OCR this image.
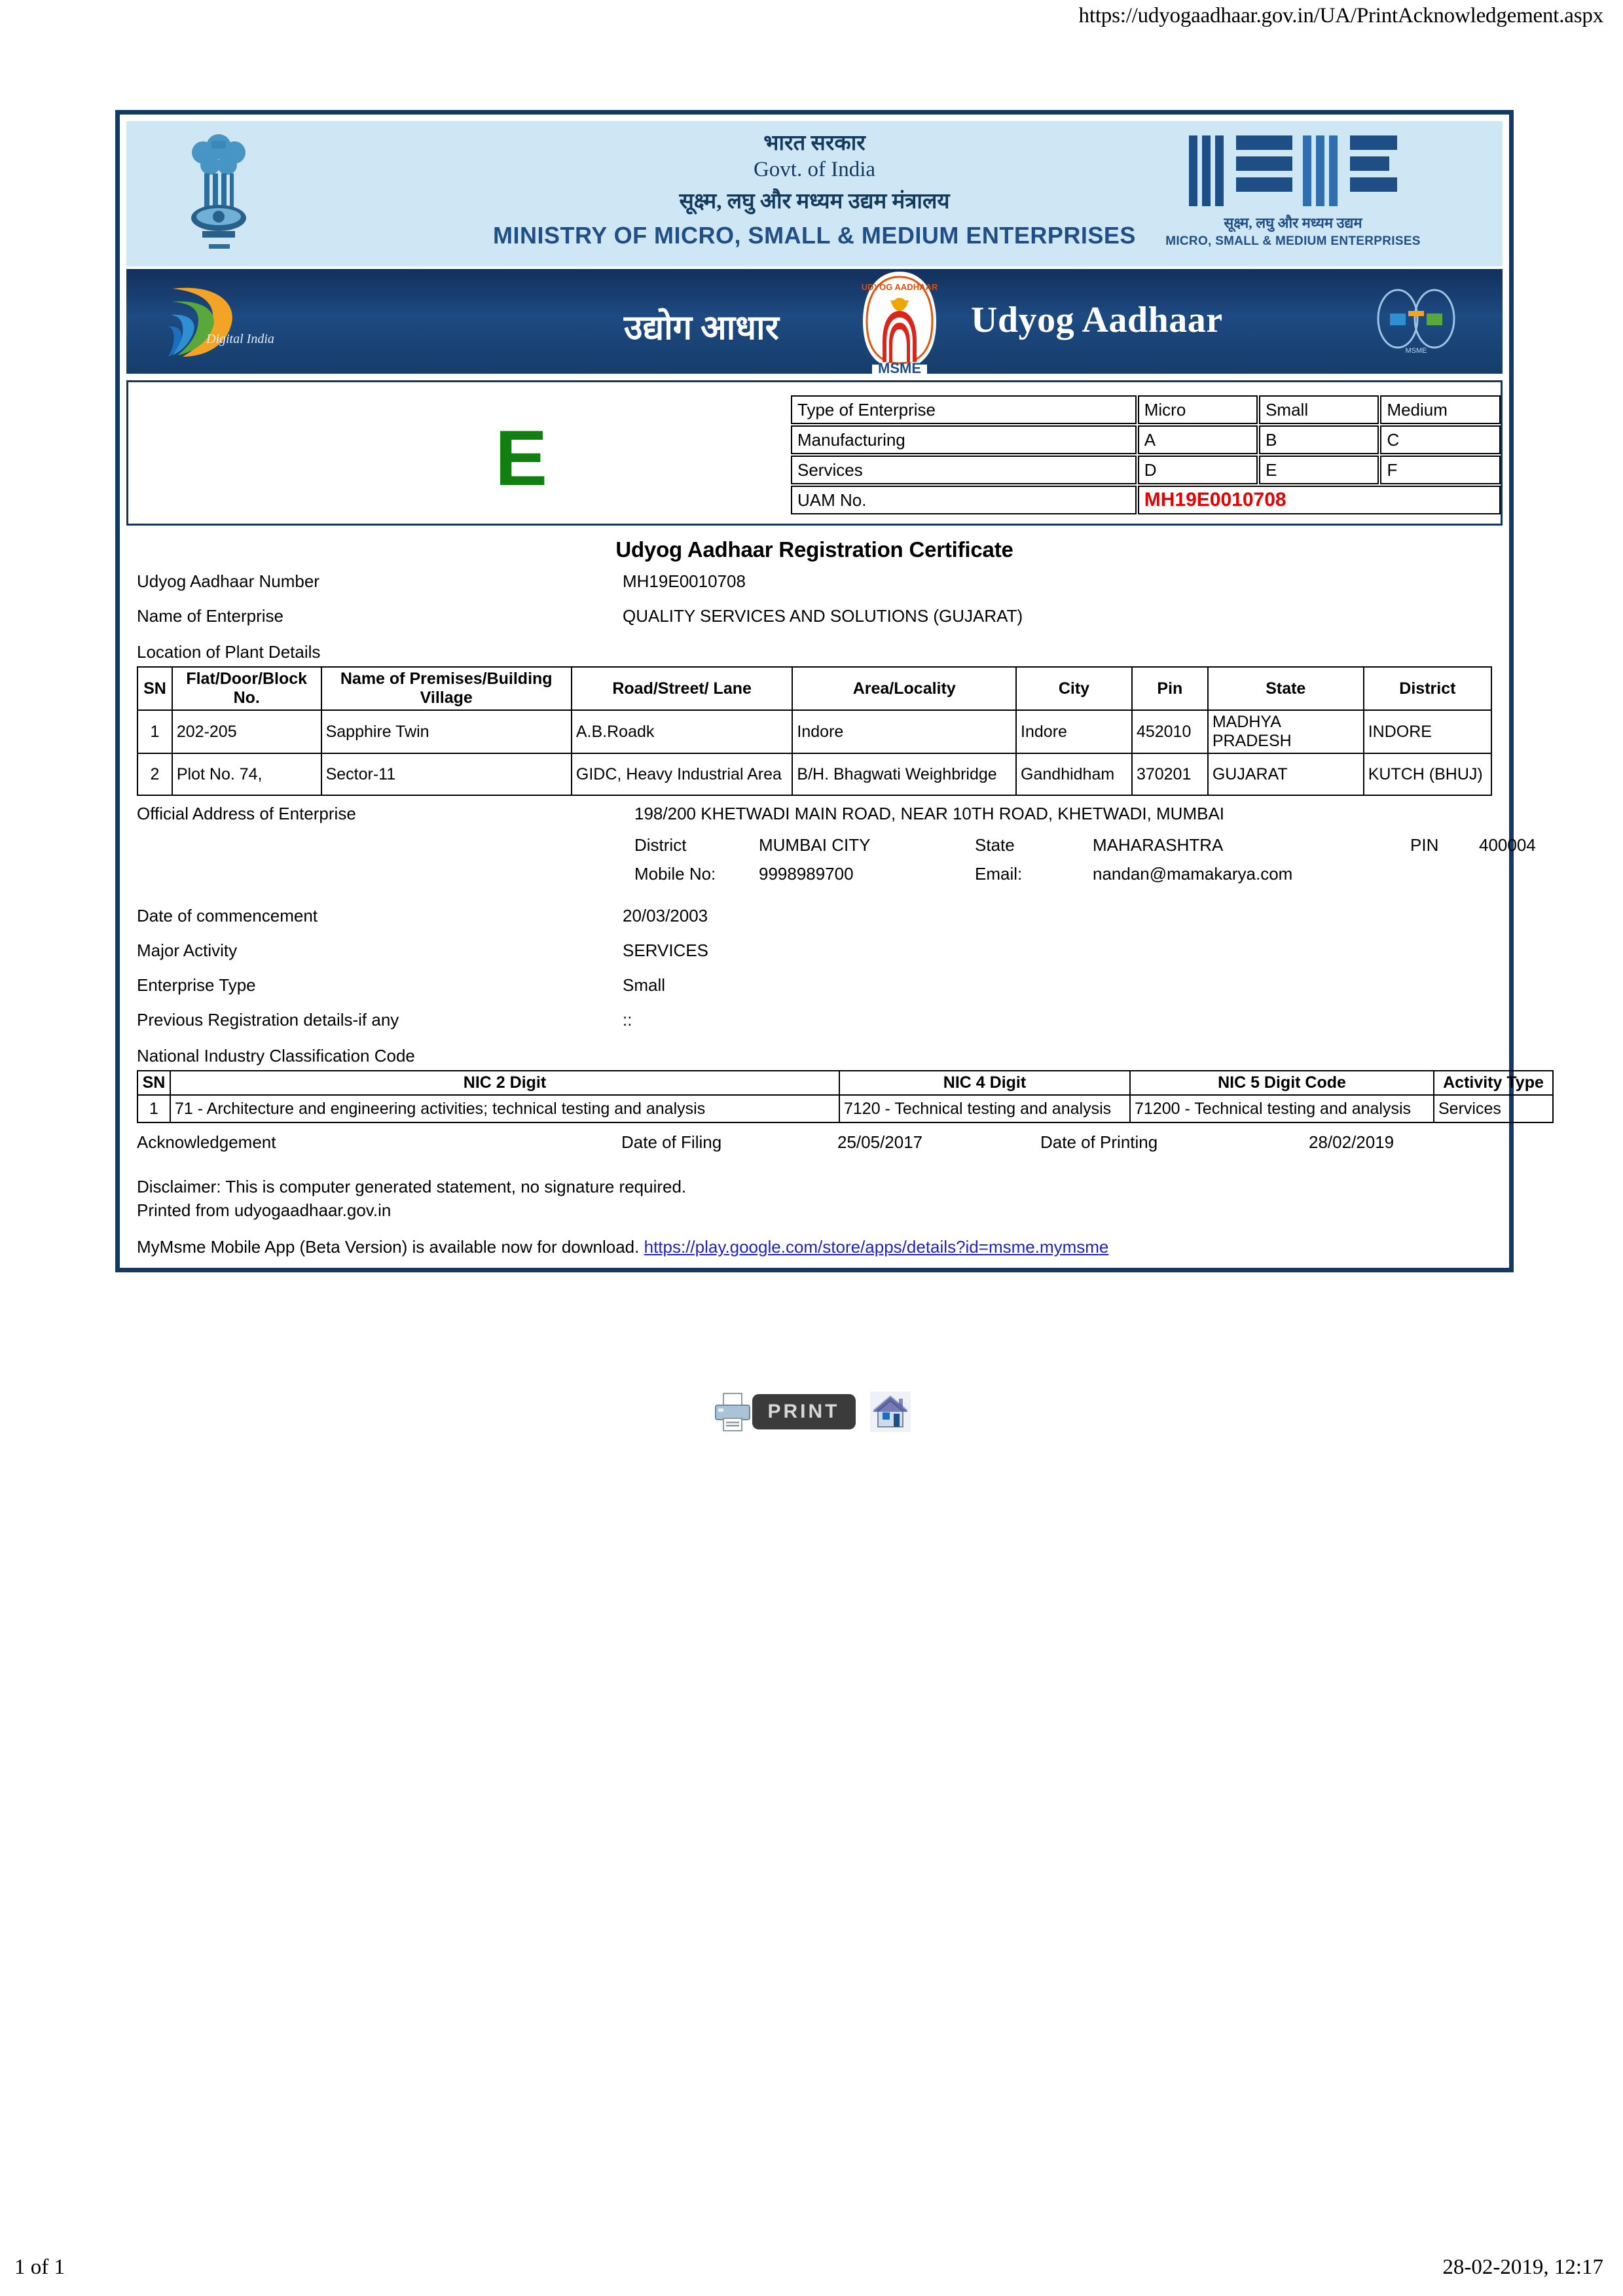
https://udyogaadhaar.gov.in/UA/PrintAcknowledgement.aspx
भारत सरकार
Govt. of India
सूक्ष्म, लघु और मध्यम उद्यम मंत्रालय
MINISTRY OF MICRO, SMALL & MEDIUM ENTERPRISES	सूक्ष्म, लघु और मध्यम उद्यम
MICRO, SMALL & MEDIUM ENTERPRISES
Digital India	उद्योग आधार
UDYOG AADHAAR
MSME
Udyog Aadhaar
MSME
E
Type of Enterprise	Micro	Small	Medium
Manufacturing	A	B	C
Services	D	E	F
UAM No.	MH19E0010708		
Udyog Aadhaar Registration Certificate
Udyog Aadhaar Number	MH19E0010708
Name of Enterprise	QUALITY SERVICES AND SOLUTIONS (GUJARAT)
Location of Plant Details
SN	Flat/Door/Block No.	Name of Premises/Building Village	Road/Street/ Lane	Area/Locality	City	Pin	State	District
1	202-205	Sapphire Twin	A.B.Roadk	Indore	Indore	452010	MADHYA PRADESH	INDORE
2	Plot No. 74,	Sector-11	GIDC, Heavy Industrial Area	B/H. Bhagwati Weighbridge	Gandhidham	370201	GUJARAT	KUTCH (BHUJ)
Official Address of Enterprise	198/200 KHETWADI MAIN ROAD, NEAR 10TH ROAD, KHETWADI, MUMBAI
District	MUMBAI CITY	State	MAHARASHTRA	PIN 400004
Mobile No:	9998989700	Email:	nandan@mamakarya.com
Date of commencement	20/03/2003
Major Activity	SERVICES
Enterprise Type	Small
Previous Registration details-if any	::
National Industry Classification Code
SN	NIC 2 Digit	NIC 4 Digit	NIC 5 Digit Code	Activity Type
1	71 - Architecture and engineering activities; technical testing and analysis	7120 - Technical testing and analysis	71200 - Technical testing and analysis	Services
Acknowledgement	Date of Filing	25/05/2017	Date of Printing	28/02/2019
Disclaimer: This is computer generated statement, no signature required.
Printed from udyogaadhaar.gov.in
MyMsme Mobile App (Beta Version) is available now for download. https://play.google.com/store/apps/details?id=msme.mymsme
PRINT
1 of 1	28-02-2019, 12:17
